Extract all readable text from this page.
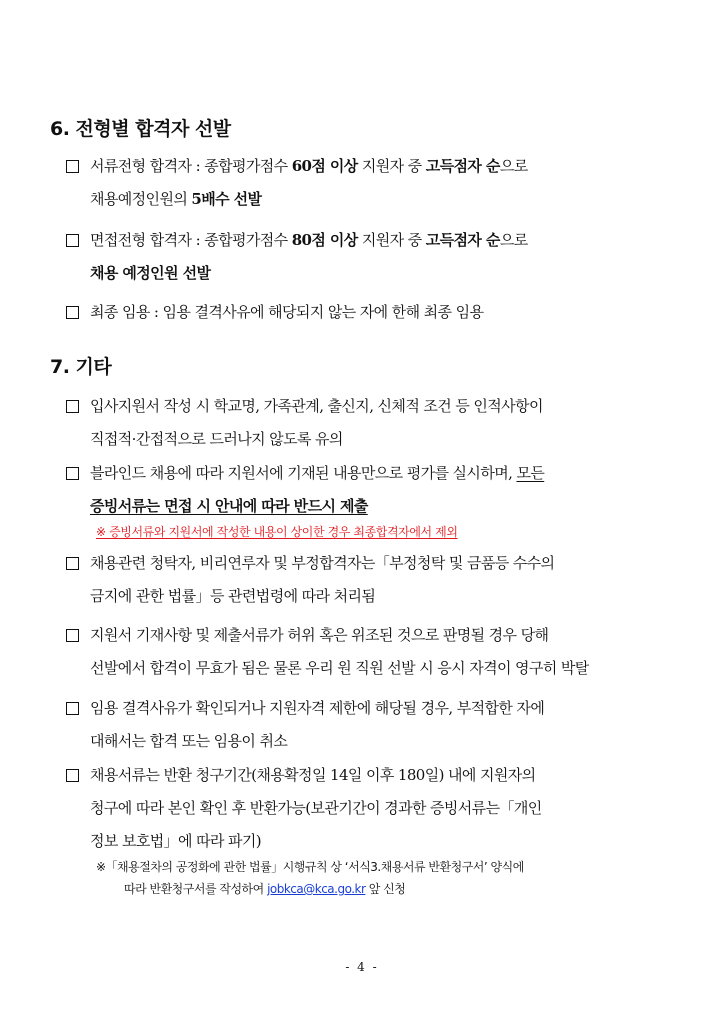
6. 전형별 합격자 선발
서류전형 합격자 : 종합평가점수 60점 이상 지원자 중 고득점자 순으로
채용예정인원의 5배수 선발
면접전형 합격자 : 종합평가점수 80점 이상 지원자 중 고득점자 순으로
채용 예정인원 선발
최종 임용 : 임용 결격사유에 해당되지 않는 자에 한해 최종 임용
7. 기타
입사지원서 작성 시 학교명, 가족관계, 출신지, 신체적 조건 등 인적사항이
직접적·간접적으로 드러나지 않도록 유의
블라인드 채용에 따라 지원서에 기재된 내용만으로 평가를 실시하며, 모든
증빙서류는 면접 시 안내에 따라 반드시 제출
※ 증빙서류와 지원서에 작성한 내용이 상이한 경우 최종합격자에서 제외
채용관련 청탁자, 비리연루자 및 부정합격자는「부정청탁 및 금품등 수수의
금지에 관한 법률」등 관련법령에 따라 처리됨
지원서 기재사항 및 제출서류가 허위 혹은 위조된 것으로 판명될 경우 당해
선발에서 합격이 무효가 됨은 물론 우리 원 직원 선발 시 응시 자격이 영구히 박탈
임용 결격사유가 확인되거나 지원자격 제한에 해당될 경우, 부적합한 자에
대해서는 합격 또는 임용이 취소
채용서류는 반환 청구기간(채용확정일 14일 이후 180일) 내에 지원자의
청구에 따라 본인 확인 후 반환가능(보관기간이 경과한 증빙서류는「개인
정보 보호법」에 따라 파기)
※「채용절차의 공정화에 관한 법률」시행규칙 상 ‘서식3.채용서류 반환청구서’ 양식에
따라 반환청구서를 작성하여 jobkca@kca.go.kr 앞 신청
- 4 -
